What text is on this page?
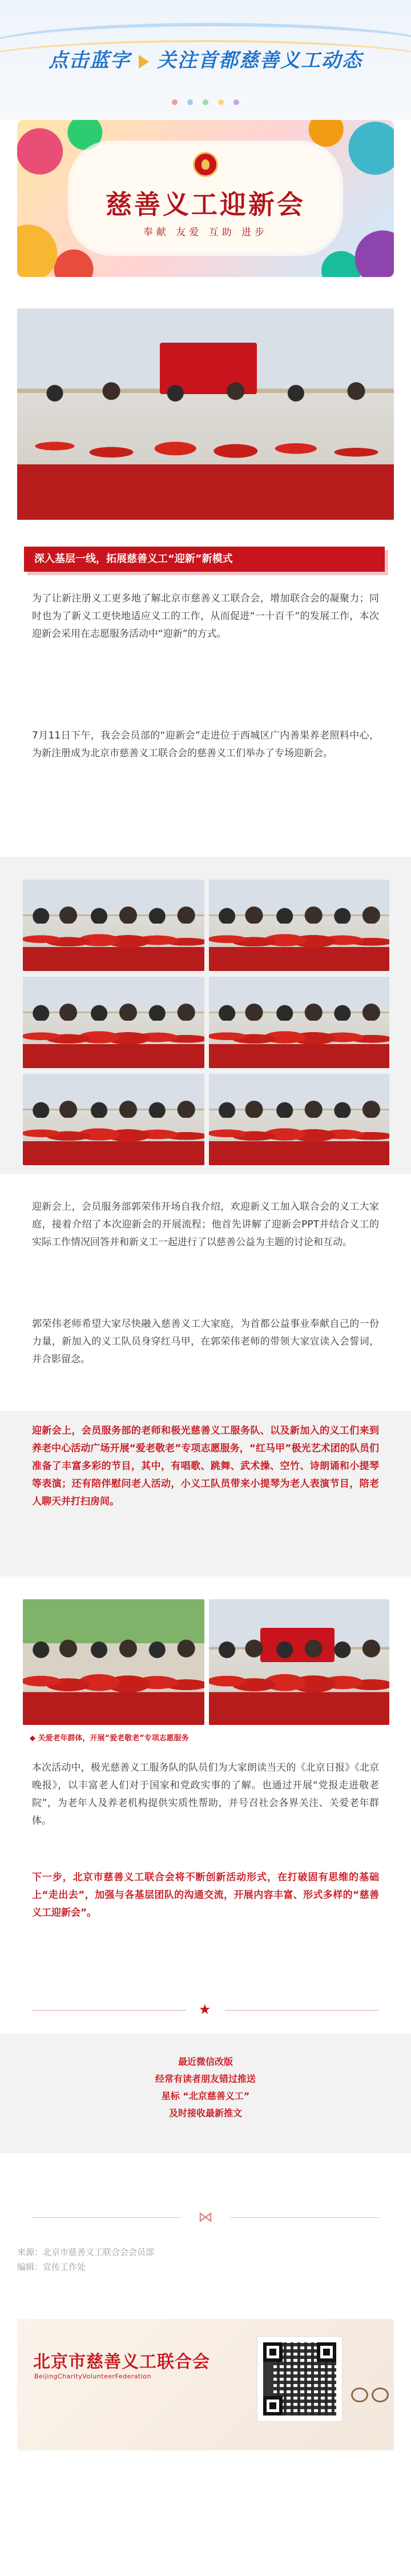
点击蓝字 关注首都慈善义工动态

慈善义工迎新会
奉献 友爱 互助 进步
深入基层一线，拓展慈善义工“迎新”新模式
为了让新注册义工更多地了解北京市慈善义工联合会，增加联合会的凝聚力；同时也为了新义工更快地适应义工的工作，从而促进“一十百千”的发展工作，本次迎新会采用在志愿服务活动中“迎新”的方式。
7月11日下午，我会会员部的“迎新会”走进位于西城区广内善果养老照料中心，为新注册成为北京市慈善义工联合会的慈善义工们举办了专场迎新会。
迎新会上，会员服务部郭荣伟开场自我介绍，欢迎新义工加入联合会的义工大家庭，接着介绍了本次迎新会的开展流程；他首先讲解了迎新会PPT并结合义工的实际工作情况回答并和新义工一起进行了以慈善公益为主题的讨论和互动。
郭荣伟老师希望大家尽快融入慈善义工大家庭，为首都公益事业奉献自己的一份力量，新加入的义工队员身穿红马甲，在郭荣伟老师的带领大家宣读入会誓词，并合影留念。
迎新会上，会员服务部的老师和极光慈善义工服务队、以及新加入的义工们来到养老中心活动广场开展“爱老敬老”专项志愿服务，“红马甲”极光艺术团的队员们准备了丰富多彩的节目，其中，有唱歌、跳舞、武术操、空竹、诗朗诵和小提琴等表演；还有陪伴慰问老人活动，小义工队员带来小提琴为老人表演节目，陪老人聊天并打扫房间。
◆ 关爱老年群体，开展“爱老敬老”专项志愿服务
本次活动中，极光慈善义工服务队的队员们为大家朗读当天的《北京日报》《北京晚报》，以丰富老人们对于国家和党政实事的了解。也通过开展“党报走进敬老院”，为老年人及养老机构提供实质性帮助，并号召社会各界关注、关爱老年群体。
下一步，北京市慈善义工联合会将不断创新活动形式，在打破固有思维的基础上“走出去”，加强与各基层团队的沟通交流，开展内容丰富、形式多样的“慈善义工迎新会”。
★
最近微信改版
经常有读者朋友错过推送
星标 “北京慈善义工”
及时接收最新推文
⋈
来源：北京市慈善义工联合会会员部
编辑：宣传工作处
北京市慈善义工联合会
BeijingCharityVolunteerFederation
